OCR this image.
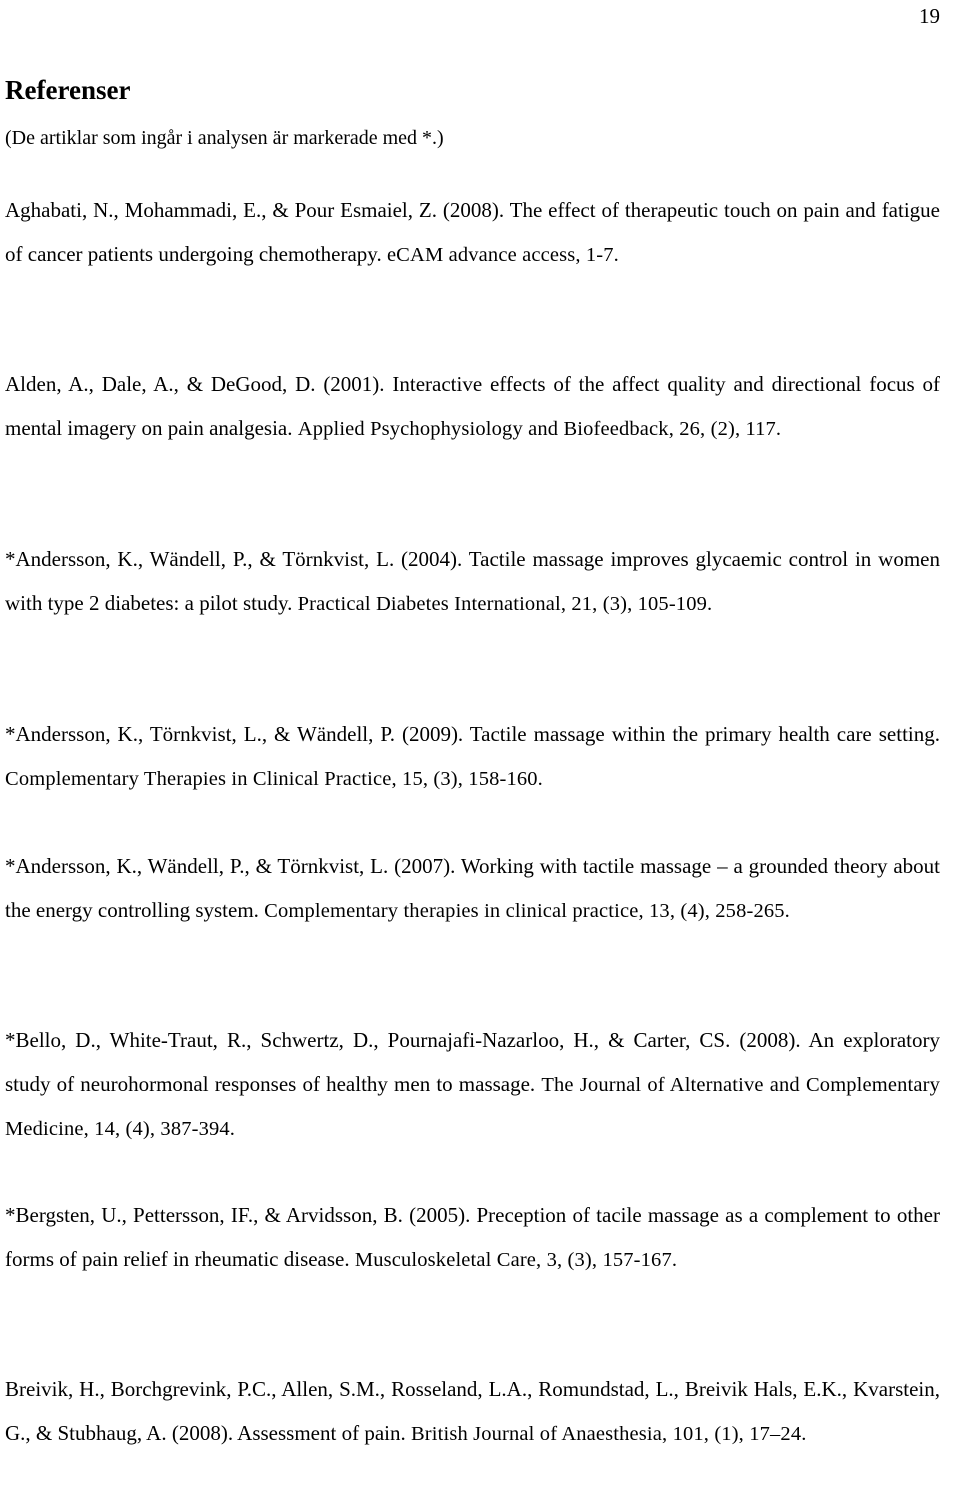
19
Referenser
(De artiklar som ingår i analysen är markerade med *.)

Aghabati, N., Mohammadi, E., & Pour Esmaiel, Z. (2008). The effect of therapeutic touch on pain and fatigue of cancer patients undergoing chemotherapy. eCAM advance access, 1-7.

Alden, A., Dale, A., & DeGood, D. (2001). Interactive effects of the affect quality and directional focus of mental imagery on pain analgesia. Applied Psychophysiology and Biofeedback, 26, (2), 117.

*Andersson, K., Wändell, P., & Törnkvist, L. (2004). Tactile massage improves glycaemic control in women with type 2 diabetes: a pilot study. Practical Diabetes International, 21, (3), 105-109.

*Andersson, K., Törnkvist, L., & Wändell, P. (2009). Tactile massage within the primary health care setting. Complementary Therapies in Clinical Practice, 15, (3), 158-160.

*Andersson, K., Wändell, P., & Törnkvist, L. (2007). Working with tactile massage – a grounded theory about the energy controlling system. Complementary therapies in clinical practice, 13, (4), 258-265.

*Bello, D., White-Traut, R., Schwertz, D., Pournajafi-Nazarloo, H., & Carter, CS. (2008). An exploratory study of neurohormonal responses of healthy men to massage. The Journal of Alternative and Complementary Medicine, 14, (4), 387-394.

*Bergsten, U., Pettersson, IF., & Arvidsson, B. (2005). Preception of tacile massage as a complement to other forms of pain relief in rheumatic disease. Musculoskeletal Care, 3, (3), 157-167.

Breivik, H., Borchgrevink, P.C., Allen, S.M., Rosseland, L.A., Romundstad, L., Breivik Hals, E.K., Kvarstein, G., & Stubhaug, A. (2008). Assessment of pain. British Journal of Anaesthesia, 101, (1), 17–24.
